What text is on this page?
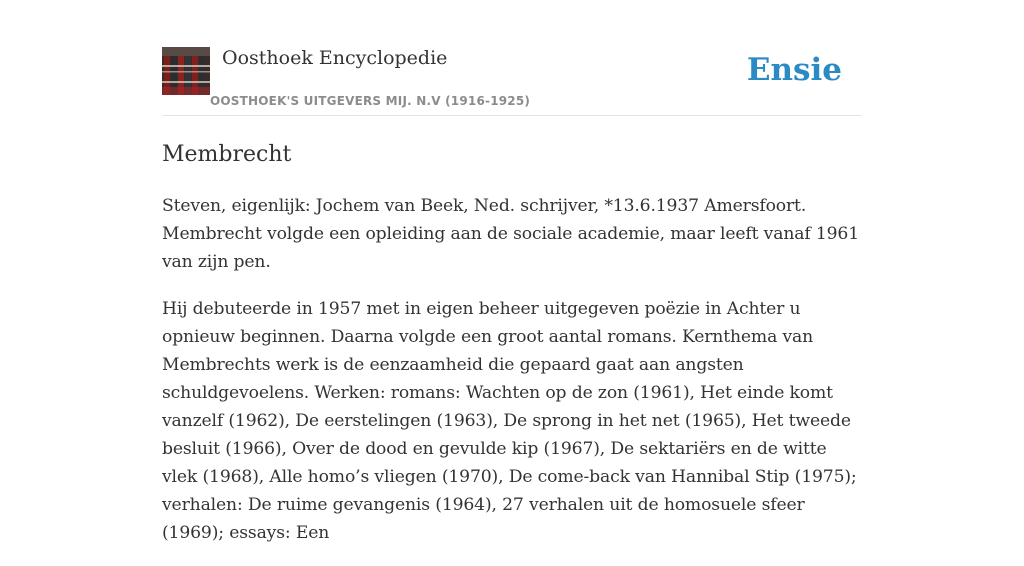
Oosthoek Encyclopedie
OOSTHOEK'S UITGEVERS MIJ. N.V (1916-1925)
Ensie
Membrecht

Steven, eigenlijk: Jochem van Beek, Ned. schrijver, *13.6.1937 Amersfoort. Membrecht volgde een opleiding aan de sociale academie, maar leeft vanaf 1961 van zijn pen.

Hij debuteerde in 1957 met in eigen beheer uitgegeven poëzie in Achter u opnieuw beginnen. Daarna volgde een groot aantal romans. Kernthema van Membrechts werk is de eenzaamheid die gepaard gaat aan angsten schuldgevoelens. Werken: romans: Wachten op de zon (1961), Het einde komt vanzelf (1962), De eerstelingen (1963), De sprong in het net (1965), Het tweede besluit (1966), Over de dood en gevulde kip (1967), De sektariërs en de witte vlek (1968), Alle homo’s vliegen (1970), De come-back van Hannibal Stip (1975); verhalen: De ruime gevangenis (1964), 27 verhalen uit de homosuele sfeer (1969); essays: Een
